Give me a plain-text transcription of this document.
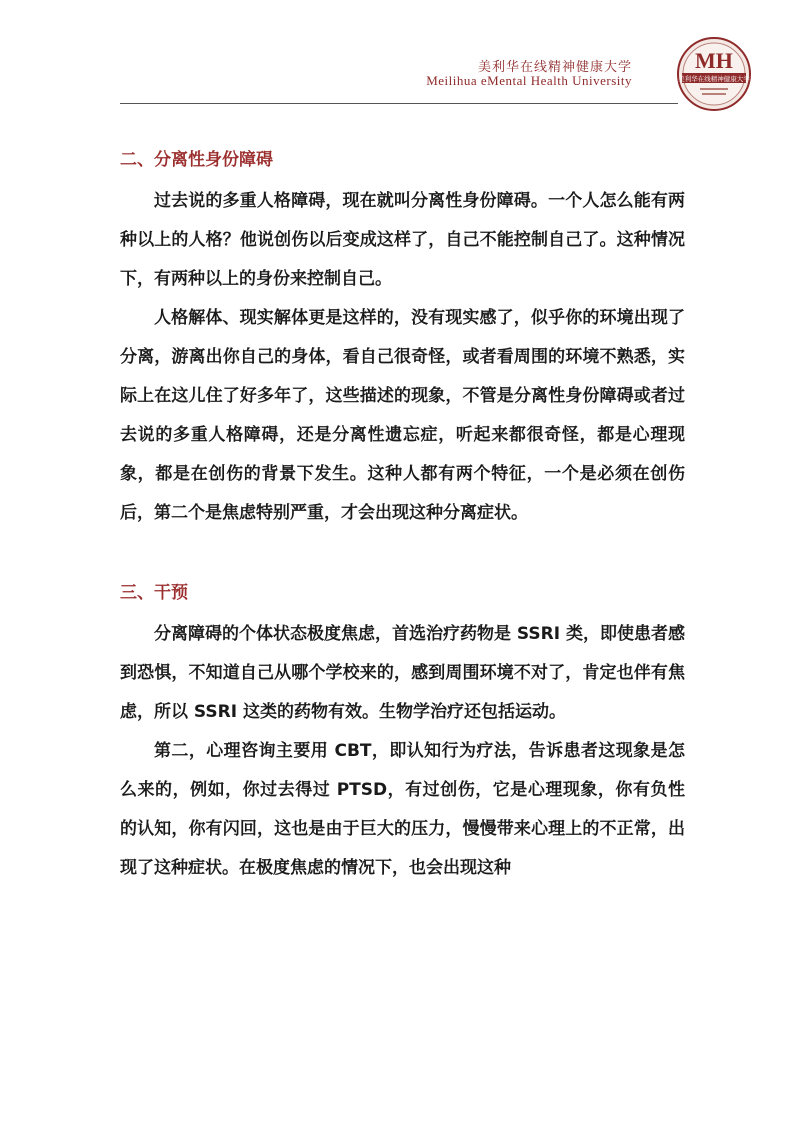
美利华在线精神健康大学
Meilihua eMental Health University
MH
美利华在线精神健康大学
二、分离性身份障碍

过去说的多重人格障碍，现在就叫分离性身份障碍。一个人怎么能有两种以上的人格？他说创伤以后变成这样了，自己不能控制自己了。这种情况下，有两种以上的身份来控制自己。

人格解体、现实解体更是这样的，没有现实感了，似乎你的环境出现了分离，游离出你自己的身体，看自己很奇怪，或者看周围的环境不熟悉，实际上在这儿住了好多年了，这些描述的现象，不管是分离性身份障碍或者过去说的多重人格障碍，还是分离性遗忘症，听起来都很奇怪，都是心理现象，都是在创伤的背景下发生。这种人都有两个特征，一个是必须在创伤后，第二个是焦虑特别严重，才会出现这种分离症状。

三、干预

分离障碍的个体状态极度焦虑，首选治疗药物是 SSRI 类，即使患者感到恐惧，不知道自己从哪个学校来的，感到周围环境不对了，肯定也伴有焦虑，所以 SSRI 这类的药物有效。生物学治疗还包括运动。

第二，心理咨询主要用 CBT，即认知行为疗法，告诉患者这现象是怎么来的，例如，你过去得过 PTSD，有过创伤，它是心理现象，你有负性的认知，你有闪回，这也是由于巨大的压力，慢慢带来心理上的不正常，出现了这种症状。在极度焦虑的情况下，也会出现这种
